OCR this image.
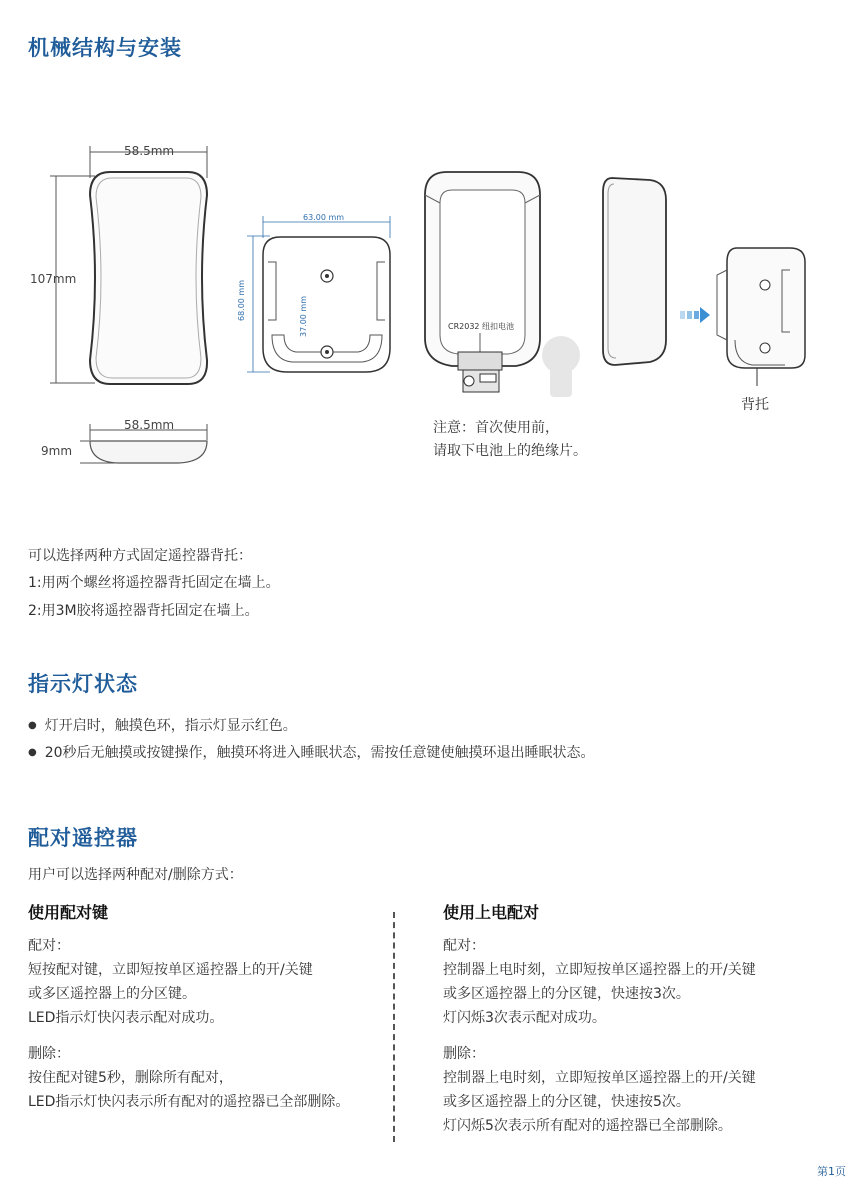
机械结构与安装
58.5mm
107mm
58.5mm
9mm
63.00 mm
68.00 mm	37.00 mm	CR2032 纽扣电池
注意：首次使用前，
请取下电池上的绝缘片。
背托
可以选择两种方式固定遥控器背托：
1:用两个螺丝将遥控器背托固定在墙上。
2:用3M胶将遥控器背托固定在墙上。
指示灯状态
● 灯开启时，触摸色环，指示灯显示红色。
● 20秒后无触摸或按键操作，触摸环将进入睡眠状态，需按任意键使触摸环退出睡眠状态。
配对遥控器
用户可以选择两种配对/删除方式：
使用配对键
配对：
短按配对键，立即短按单区遥控器上的开/关键
或多区遥控器上的分区键。
LED指示灯快闪表示配对成功。
删除：
按住配对键5秒，删除所有配对，
LED指示灯快闪表示所有配对的遥控器已全部删除。
使用上电配对
配对：
控制器上电时刻，立即短按单区遥控器上的开/关键
或多区遥控器上的分区键，快速按3次。
灯闪烁3次表示配对成功。
删除：
控制器上电时刻，立即短按单区遥控器上的开/关键
或多区遥控器上的分区键，快速按5次。
灯闪烁5次表示所有配对的遥控器已全部删除。
第1页
